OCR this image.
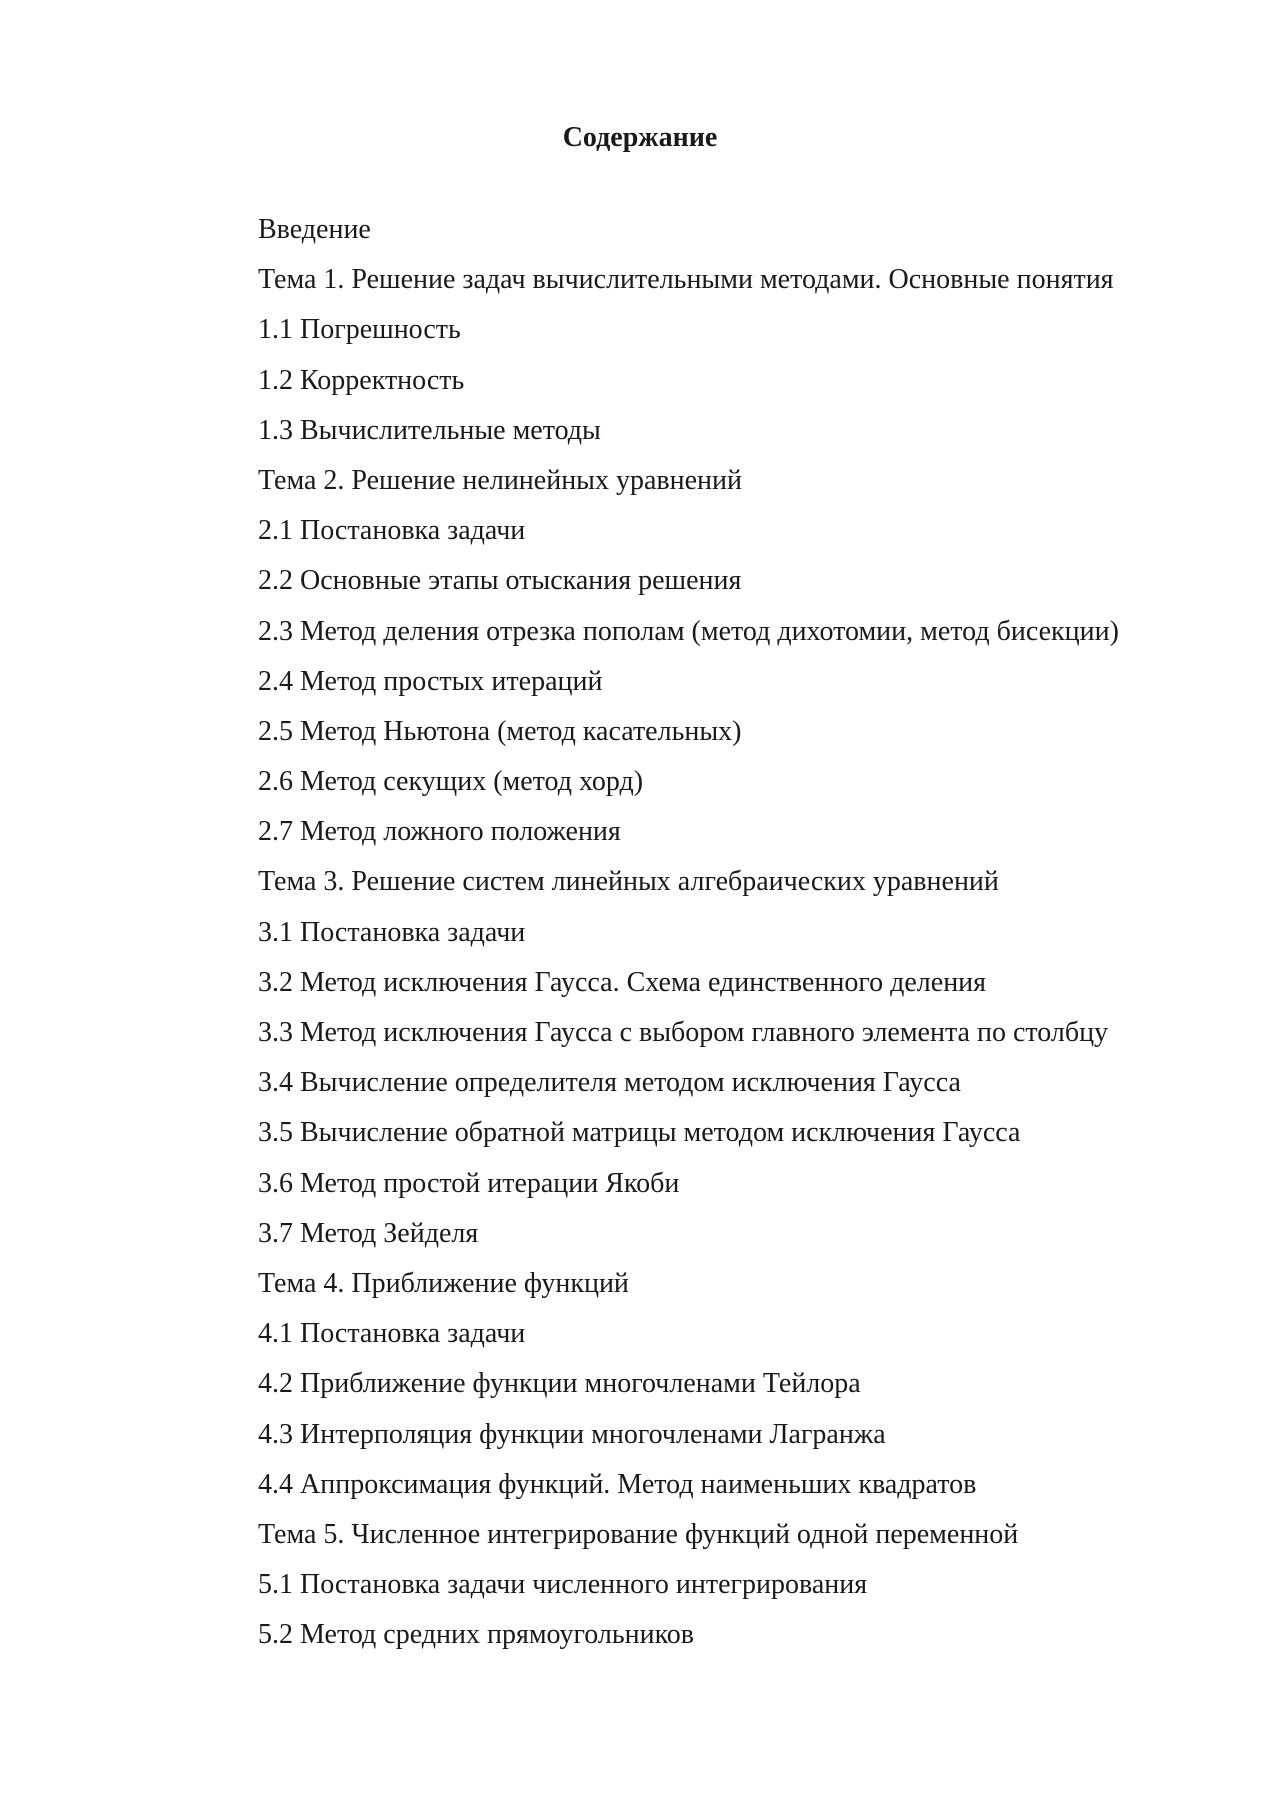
Содержание
Введение
Тема 1. Решение задач вычислительными методами. Основные понятия
1.1 Погрешность
1.2 Корректность
1.3 Вычислительные методы
Тема 2. Решение нелинейных уравнений
2.1 Постановка задачи
2.2 Основные этапы отыскания решения
2.3 Метод деления отрезка пополам (метод дихотомии, метод бисекции)
2.4 Метод простых итераций
2.5 Метод Ньютона (метод касательных)
2.6 Метод секущих (метод хорд)
2.7 Метод ложного положения
Тема 3. Решение систем линейных алгебраических уравнений
3.1 Постановка задачи
3.2 Метод исключения Гаусса. Схема единственного деления
3.3 Метод исключения Гаусса с выбором главного элемента по столбцу
3.4 Вычисление определителя методом исключения Гаусса
3.5 Вычисление обратной матрицы методом исключения Гаусса
3.6 Метод простой итерации Якоби
3.7 Метод Зейделя
Тема 4. Приближение функций
4.1 Постановка задачи
4.2 Приближение функции многочленами Тейлора
4.3 Интерполяция функции многочленами Лагранжа
4.4 Аппроксимация функций. Метод наименьших квадратов
Тема 5. Численное интегрирование функций одной переменной
5.1 Постановка задачи численного интегрирования
5.2 Метод средних прямоугольников
